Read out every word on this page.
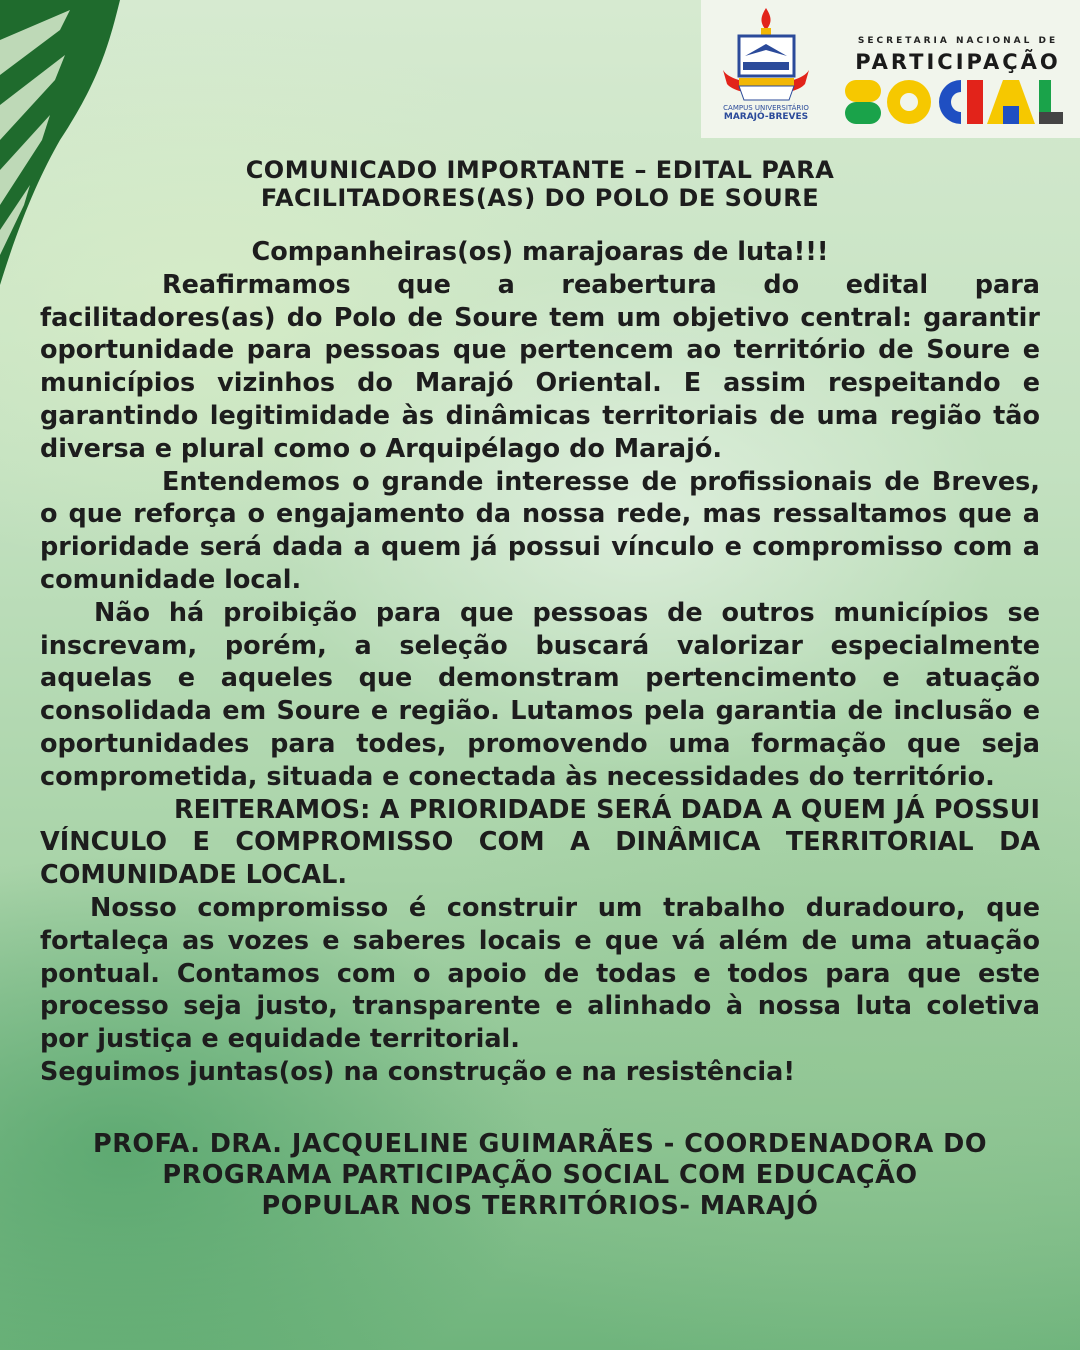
CAMPUS UNIVERSITÁRIO
MARAJÓ-BREVES
SECRETARIA NACIONAL DE
PARTICIPAÇÃO
COMUNICADO IMPORTANTE – EDITAL PARA
FACILITADORES(AS) DO POLO DE SOURE
Companheiras(os) marajoaras de luta!!!

Reafirmamos que a reabertura do edital para facilitadores(as) do Polo de Soure tem um objetivo central: garantir oportunidade para pessoas que pertencem ao território de Soure e municípios vizinhos do Marajó Oriental. E assim respeitando e garantindo legitimidade às dinâmicas territoriais de uma região tão diversa e plural como o Arquipélago do Marajó.

Entendemos o grande interesse de profissionais de Breves, o que reforça o engajamento da nossa rede, mas ressaltamos que a prioridade será dada a quem já possui vínculo e compromisso com a comunidade local.

Não há proibição para que pessoas de outros municípios se inscrevam, porém, a seleção buscará valorizar especialmente aquelas e aqueles que demonstram pertencimento e atuação consolidada em Soure e região. Lutamos pela garantia de inclusão e oportunidades para todes, promovendo uma formação que seja comprometida, situada e conectada às necessidades do território.

REITERAMOS: A PRIORIDADE SERÁ DADA A QUEM JÁ POSSUI VÍNCULO E COMPROMISSO COM A DINÂMICA TERRITORIAL DA COMUNIDADE LOCAL.

Nosso compromisso é construir um trabalho duradouro, que fortaleça as vozes e saberes locais e que vá além de uma atuação pontual. Contamos com o apoio de todas e todos para que este processo seja justo, transparente e alinhado à nossa luta coletiva por justiça e equidade territorial.

Seguimos juntas(os) na construção e na resistência!

PROFA. DRA. JACQUELINE GUIMARÃES - COORDENADORA DO
PROGRAMA PARTICIPAÇÃO SOCIAL COM EDUCAÇÃO
POPULAR NOS TERRITÓRIOS- MARAJÓ
